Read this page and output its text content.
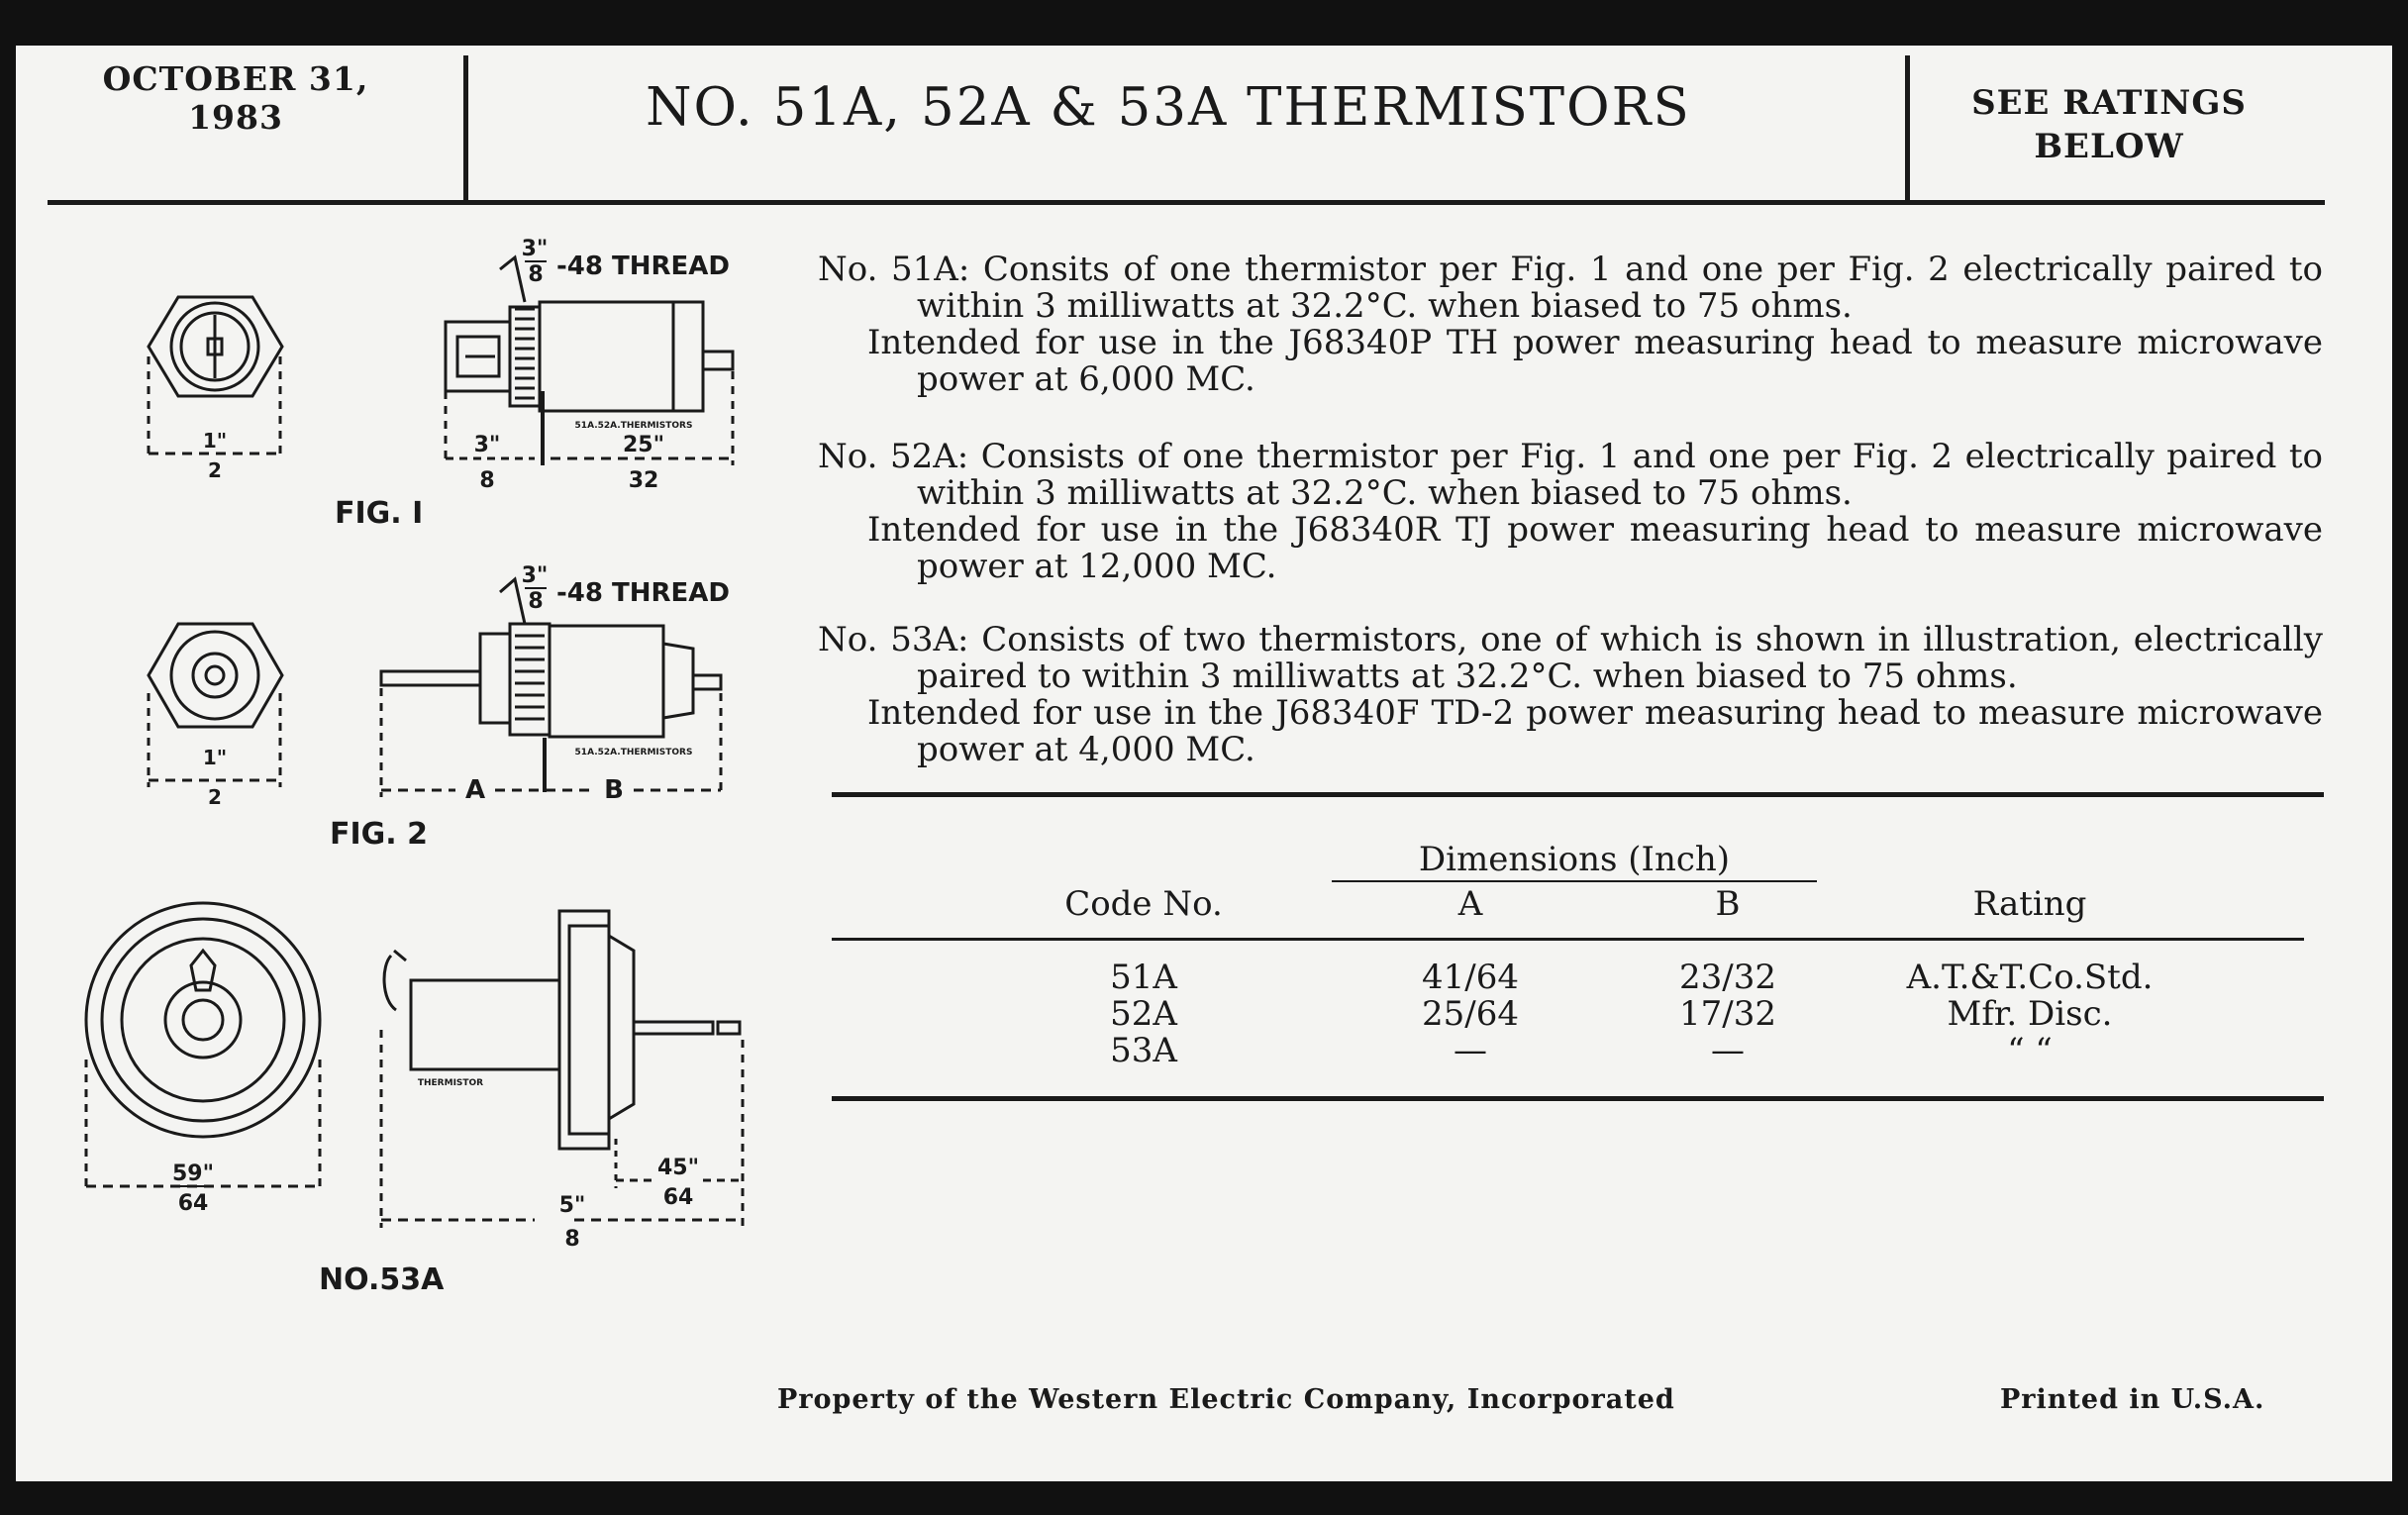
OCTOBER 31, 1983	NO. 51A, 52A & 53A THERMISTORS	SEE RATINGS
BELOW

No. 51A: Consits of one thermistor per Fig. 1 and one per Fig. 2 electrically paired to

within 3 milliwatts at 32.2°C. when biased to 75 ohms.

Intended for use in the J68340P TH power measuring head to measure microwave

power at 6,000 MC.

No. 52A: Consists of one thermistor per Fig. 1 and one per Fig. 2 electrically paired to

within 3 milliwatts at 32.2°C. when biased to 75 ohms.

Intended for use in the J68340R TJ power measuring head to measure microwave

power at 12,000 MC.

No. 53A: Consists of two thermistors, one of which is shown in illustration, electrically

paired to within 3 milliwatts at 32.2°C. when biased to 75 ohms.

Intended for use in the J68340F TD-2 power measuring head to measure microwave

power at 4,000 MC.

Dimensions (Inch)
Code No.	A	B	Rating
51A	41/64	23/32	A.T.&T.Co.Std.
52A	25/64	17/32	Mfr. Disc.
53A	—	—	“ “
3"
8 -48 THREAD
1"
2
3"
8
25"
32
51A.52A.THERMISTORS
FIG. I
3"
8 -48 THREAD
1"
2	A	B
51A.52A.THERMISTORS
FIG. 2
59"
64
45"
64
5"
8
THERMISTOR
NO.53A
Property of the Western Electric Company, Incorporated	Printed in U.S.A.
